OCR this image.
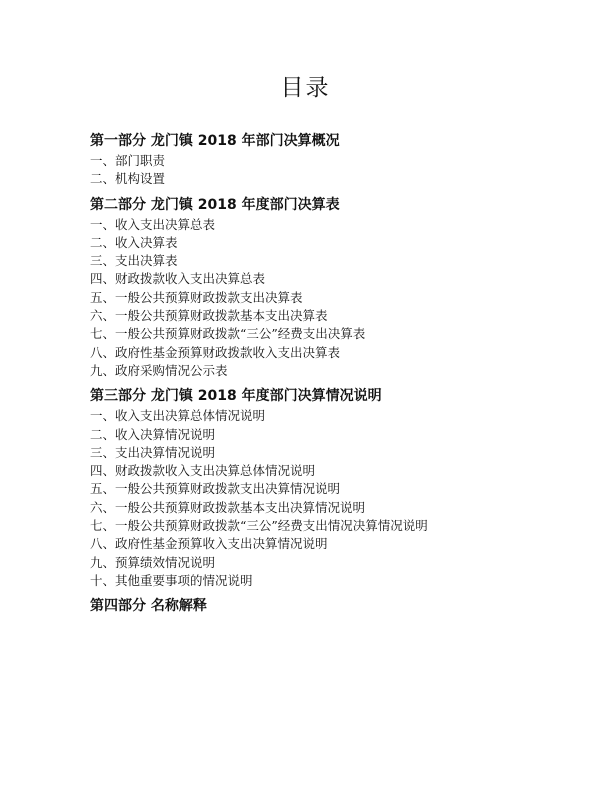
目录
第一部分 龙门镇 2018 年部门决算概况
一、部门职责
二、机构设置
第二部分 龙门镇 2018 年度部门决算表
一、收入支出决算总表
二、收入决算表
三、支出决算表
四、财政拨款收入支出决算总表
五、一般公共预算财政拨款支出决算表
六、一般公共预算财政拨款基本支出决算表
七、一般公共预算财政拨款“三公”经费支出决算表
八、政府性基金预算财政拨款收入支出决算表
九、政府采购情况公示表
第三部分 龙门镇 2018 年度部门决算情况说明
一、收入支出决算总体情况说明
二、收入决算情况说明
三、支出决算情况说明
四、财政拨款收入支出决算总体情况说明
五、一般公共预算财政拨款支出决算情况说明
六、一般公共预算财政拨款基本支出决算情况说明
七、一般公共预算财政拨款“三公”经费支出情况决算情况说明
八、政府性基金预算收入支出决算情况说明
九、预算绩效情况说明
十、其他重要事项的情况说明
第四部分 名称解释
